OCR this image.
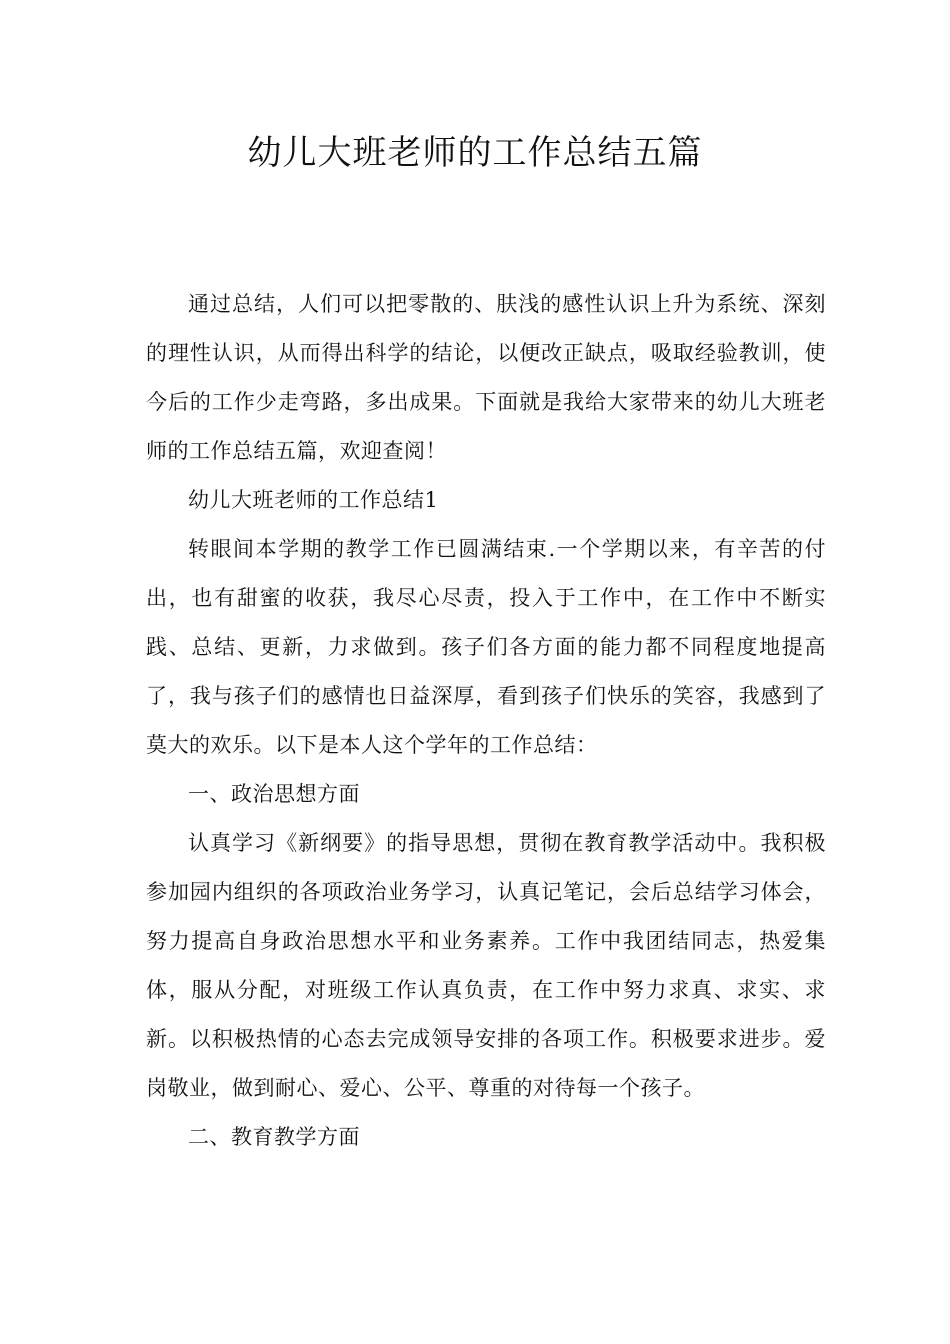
幼儿大班老师的工作总结五篇

通过总结，人们可以把零散的、肤浅的感性认识上升为系统、深刻的理性认识，从而得出科学的结论，以便改正缺点，吸取经验教训，使今后的工作少走弯路，多出成果。下面就是我给大家带来的幼儿大班老师的工作总结五篇，欢迎查阅！

幼儿大班老师的工作总结1

转眼间本学期的教学工作已圆满结束.一个学期以来，有辛苦的付出，也有甜蜜的收获，我尽心尽责，投入于工作中，在工作中不断实践、总结、更新，力求做到。孩子们各方面的能力都不同程度地提高了，我与孩子们的感情也日益深厚，看到孩子们快乐的笑容，我感到了莫大的欢乐。以下是本人这个学年的工作总结：

一、政治思想方面

认真学习《新纲要》的指导思想，贯彻在教育教学活动中。我积极参加园内组织的各项政治业务学习，认真记笔记，会后总结学习体会，努力提高自身政治思想水平和业务素养。工作中我团结同志，热爱集体，服从分配，对班级工作认真负责，在工作中努力求真、求实、求新。以积极热情的心态去完成领导安排的各项工作。积极要求进步。爱岗敬业，做到耐心、爱心、公平、尊重的对待每一个孩子。

二、教育教学方面
